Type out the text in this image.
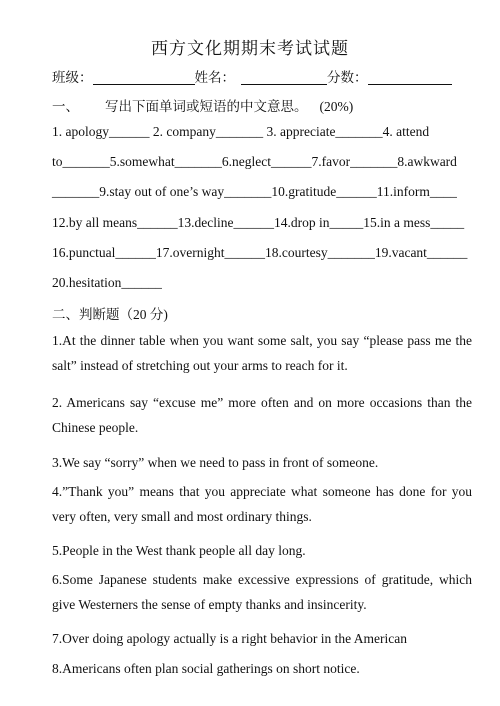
西方文化期期末考试试题
班级：	姓名：	分数：
一、 写出下面单词或短语的中文意思。 (20%)
1. apology______ 2. company_______ 3. appreciate_______4. attend
to_______5.somewhat_______6.neglect______7.favor_______8.awkward
_______9.stay out of one’s way_______10.gratitude______11.inform____
12.by all means______13.decline______14.drop in_____15.in a mess_____
16.punctual______17.overnight______18.courtesy_______19.vacant______
20.hesitation______
二、判断题（20 分)
1.At the dinner table when you want some salt, you say “please pass me the salt” instead of stretching out your arms to reach for it.
2. Americans say “excuse me” more often and on more occasions than the Chinese people.
3.We say “sorry” when we need to pass in front of someone.
4.”Thank you” means that you appreciate what someone has done for you very often, very small and most ordinary things.
5.People in the West thank people all day long.
6.Some Japanese students make excessive expressions of gratitude, which give Westerners the sense of empty thanks and insincerity.
7.Over doing apology actually is a right behavior in the American
8.Americans often plan social gatherings on short notice.
